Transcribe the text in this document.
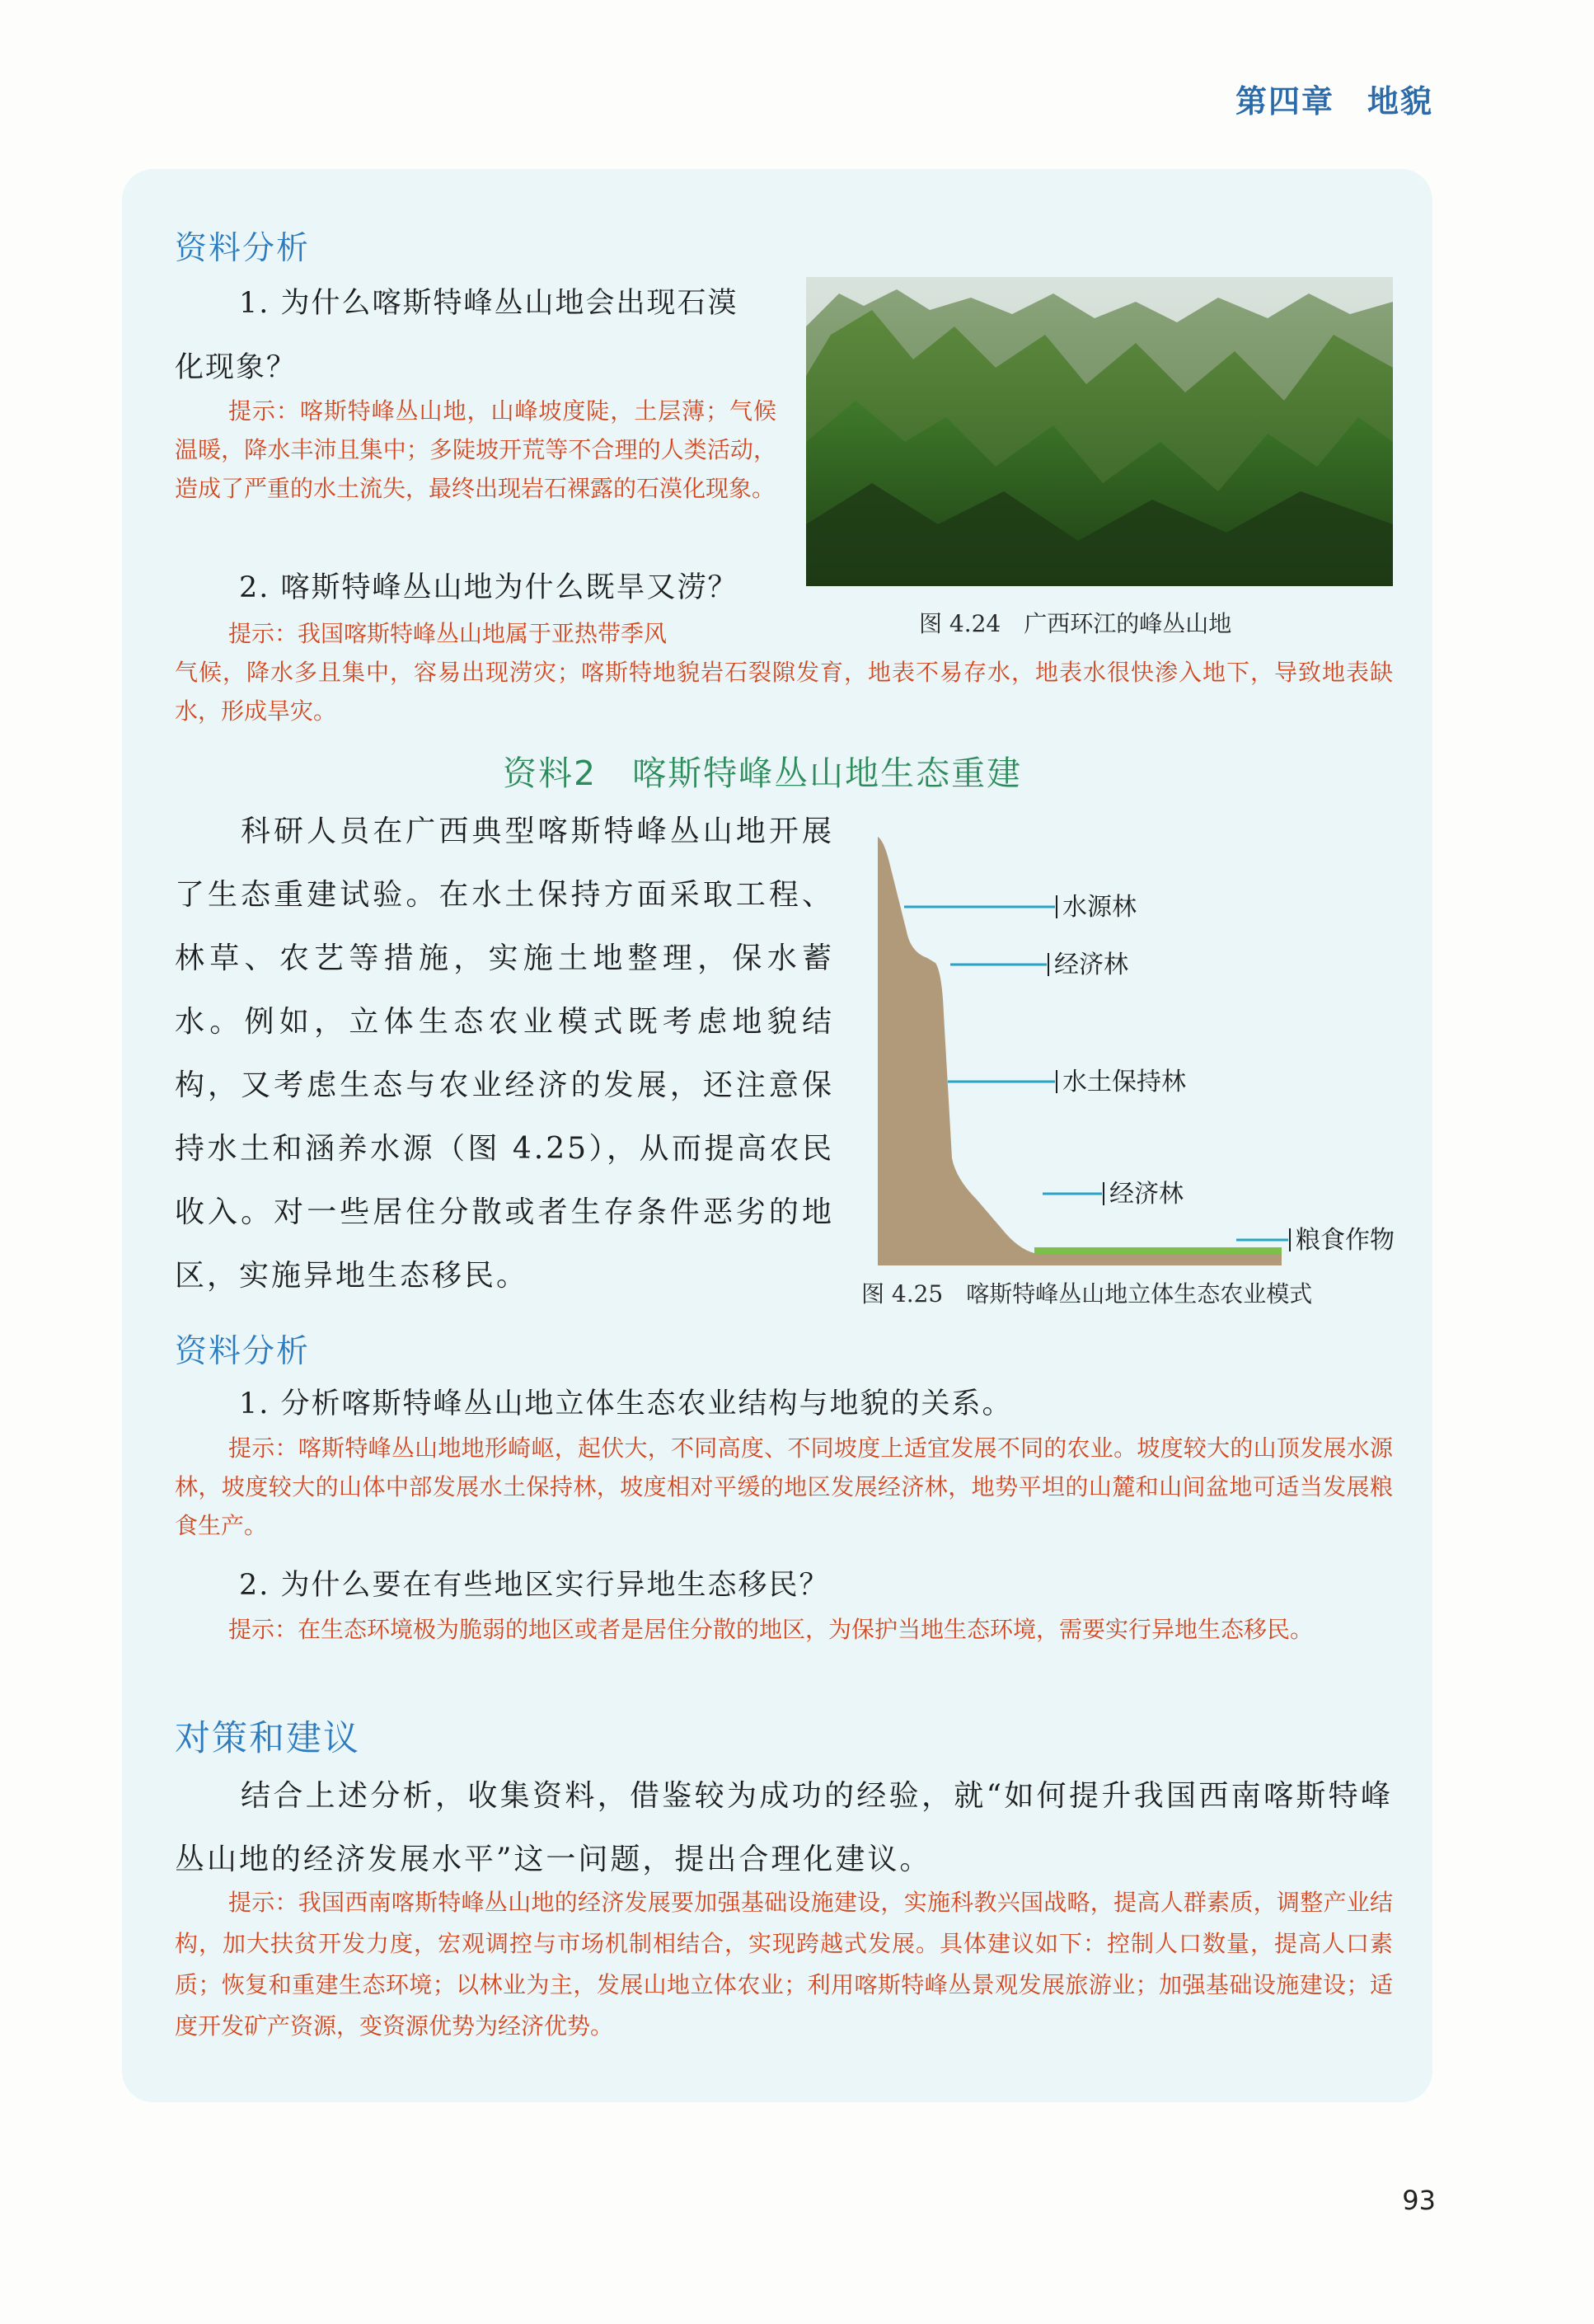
第四章　地貌
资料分析
1. 为什么喀斯特峰丛山地会出现石漠
化现象？
提示：喀斯特峰丛山地，山峰坡度陡，土层薄；气候温暖，降水丰沛且集中；多陡坡开荒等不合理的人类活动，造成了严重的水土流失，最终出现岩石裸露的石漠化现象。
2. 喀斯特峰丛山地为什么既旱又涝？
提示：我国喀斯特峰丛山地属于亚热带季风
气候，降水多且集中，容易出现涝灾；喀斯特地貌岩石裂隙发育，地表不易存水，地表水很快渗入地下，导致地表缺水，形成旱灾。
图 4.24　广西环江的峰丛山地
资料2　喀斯特峰丛山地生态重建
科研人员在广西典型喀斯特峰丛山地开展了生态重建试验。在水土保持方面采取工程、林草、农艺等措施，实施土地整理，保水蓄水。例如，立体生态农业模式既考虑地貌结构，又考虑生态与农业经济的发展，还注意保持水土和涵养水源（图 4.25），从而提高农民收入。对一些居住分散或者生存条件恶劣的地区，实施异地生态移民。
水源林
经济林
水土保持林
经济林
粮食作物
图 4.25　喀斯特峰丛山地立体生态农业模式
资料分析
1. 分析喀斯特峰丛山地立体生态农业结构与地貌的关系。
提示：喀斯特峰丛山地地形崎岖，起伏大，不同高度、不同坡度上适宜发展不同的农业。坡度较大的山顶发展水源林，坡度较大的山体中部发展水土保持林，坡度相对平缓的地区发展经济林，地势平坦的山麓和山间盆地可适当发展粮食生产。
2. 为什么要在有些地区实行异地生态移民？
提示：在生态环境极为脆弱的地区或者是居住分散的地区，为保护当地生态环境，需要实行异地生态移民。
对策和建议
结合上述分析，收集资料，借鉴较为成功的经验，就“如何提升我国西南喀斯特峰丛山地的经济发展水平”这一问题，提出合理化建议。
提示：我国西南喀斯特峰丛山地的经济发展要加强基础设施建设，实施科教兴国战略，提高人群素质，调整产业结构，加大扶贫开发力度，宏观调控与市场机制相结合，实现跨越式发展。具体建议如下：控制人口数量，提高人口素质；恢复和重建生态环境；以林业为主，发展山地立体农业；利用喀斯特峰丛景观发展旅游业；加强基础设施建设；适度开发矿产资源，变资源优势为经济优势。
93
